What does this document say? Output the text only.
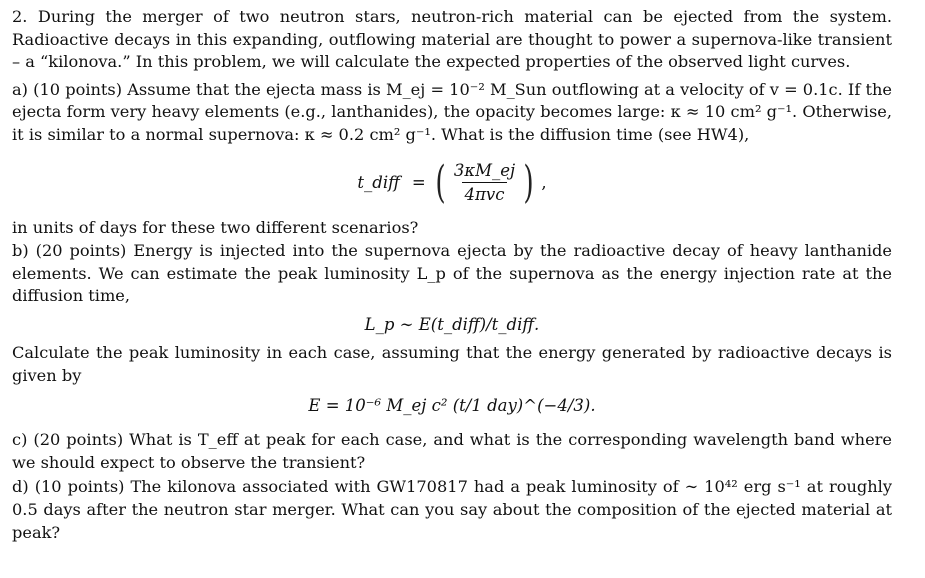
2. During the merger of two neutron stars, neutron-rich material can be ejected from the system. Radioactive decays in this expanding, outflowing material are thought to power a supernova-like transient – a “kilonova.” In this problem, we will calculate the expected properties of the observed light curves.

a) (10 points) Assume that the ejecta mass is M_ej = 10⁻² M_Sun outflowing at a velocity of v = 0.1c. If the ejecta form very heavy elements (e.g., lanthanides), the opacity becomes large: κ ≈ 10 cm² g⁻¹. Otherwise, it is similar to a normal supernova: κ ≈ 0.2 cm² g⁻¹. What is the diffusion time (see HW4),

t_diff = ( $\frac{3\kappa M\_ej}{\text{4πvc}}$ ) ,

in units of days for these two different scenarios?

b) (20 points) Energy is injected into the supernova ejecta by the radioactive decay of heavy lanthanide elements. We can estimate the peak luminosity L_p of the supernova as the energy injection rate at the diffusion time,

L_p ∼ E(t_diff)/t_diff.

Calculate the peak luminosity in each case, assuming that the energy generated by radioactive decays is given by

E = 10⁻⁶ M_ej c² (t/1 day)^(−4/3).

c) (20 points) What is T_eff at peak for each case, and what is the corresponding wavelength band where we should expect to observe the transient?

d) (10 points) The kilonova associated with GW170817 had a peak luminosity of ∼ 10⁴² erg s⁻¹ at roughly 0.5 days after the neutron star merger. What can you say about the composition of the ejected material at peak?
